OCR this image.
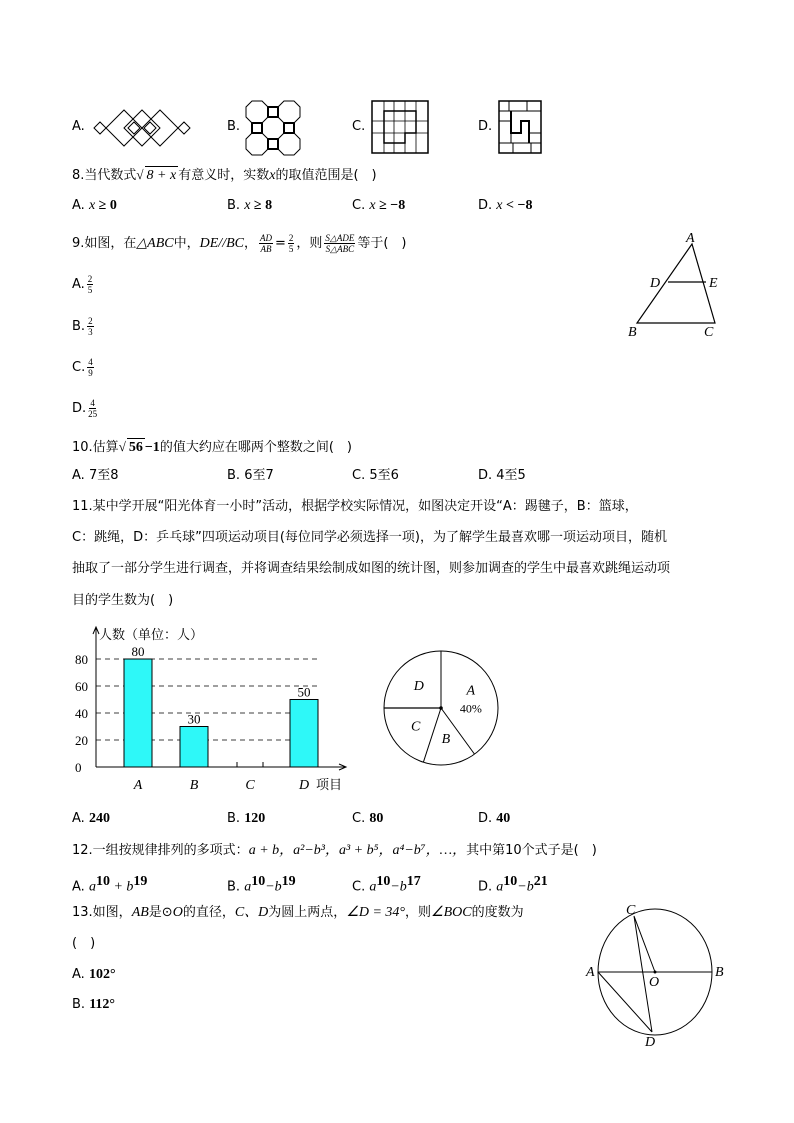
A.	B.	C.	D.
8.当代数式√ 8 + x 有意义时，实数x的取值范围是(　)
A. x ≥ 0	B. x ≥ 8	C. x ≥ −8	D. x < −8
9.如图，在△ABC中，DE//BC， $\frac{AD}{AB} = \frac{2}{5}$ ，则 $\frac{\text{S△ADE}}{\text{S△ABC}}$ 等于(　)
A. $\frac{2}{5}$
B. $\frac{2}{3}$
C. $\frac{4}{9}$
D. $\frac{4}{25}$
A
D	E
B	C
10.估算√ 56 −1的值大约应在哪两个整数之间(　)
A. 7至8	B. 6至7	C. 5至6	D. 4至5
11.某中学开展“阳光体育一小时”活动，根据学校实际情况，如图决定开设“A：踢毽子，B：篮球，
C：跳绳，D：乒乓球”四项运动项目(每位同学必须选择一项)，为了解学生最喜欢哪一项运动项目，随机
抽取了一部分学生进行调查，并将调查结果绘制成如图的统计图，则参加调查的学生中最喜欢跳绳运动项
目的学生数为(　)
0
20
40
60
80
人数（单位：人）
项目
80
A
30
B	C
50
D
A
40%
B
C
D
A. 240	B. 120	C. 80	D. 40
12.一组按规律排列的多项式：a + b，a²−b³，a³ + b⁵，a⁴−b⁷，…，其中第10个式子是(　)
A. $a^{10} + b^{19}$	B. $a^{10}-b^{19}$	C. $a^{10}-b^{17}$	D. $a^{10}-b^{21}$
13.如图，AB是⊙O的直径，C、D为圆上两点，∠D = 34°，则∠BOC的度数为
(　)
A. 102°
B. 112°
C
A	B
O
D
